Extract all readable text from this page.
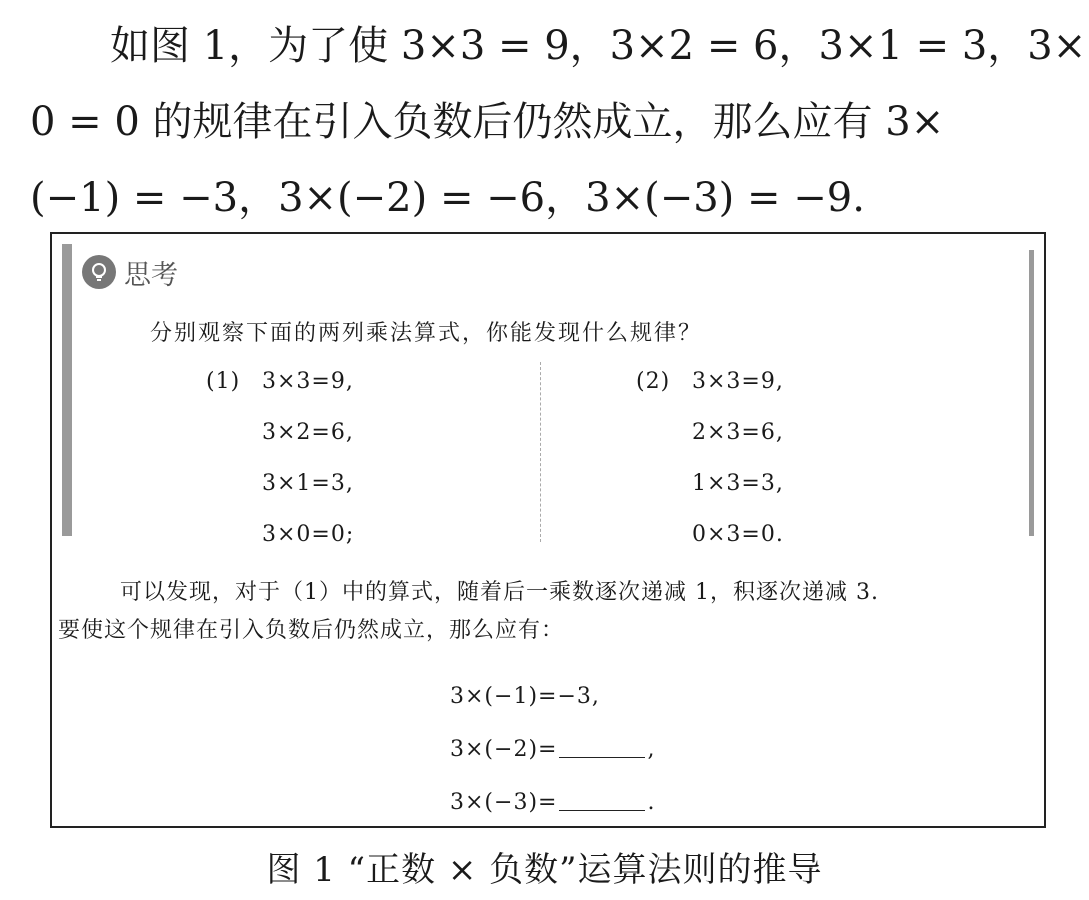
如图 1，为了使 3×3 = 9，3×2 = 6，3×1 = 3，3×
0 = 0 的规律在引入负数后仍然成立，那么应有 3×
(−1) = −3，3×(−2) = −6，3×(−3) = −9.
思考
分别观察下面的两列乘法算式，你能发现什么规律？
(1) 3×3=9,
3×2=6,
3×1=3,
3×0=0;
(2) 3×3=9,
2×3=6,
1×3=3,
0×3=0.
可以发现，对于（1）中的算式，随着后一乘数逐次递减 1，积逐次递减 3.
要使这个规律在引入负数后仍然成立，那么应有：
3×(−1)=−3,
3×(−2)=	,
3×(−3)=	.
图 1 “正数 × 负数”运算法则的推导
